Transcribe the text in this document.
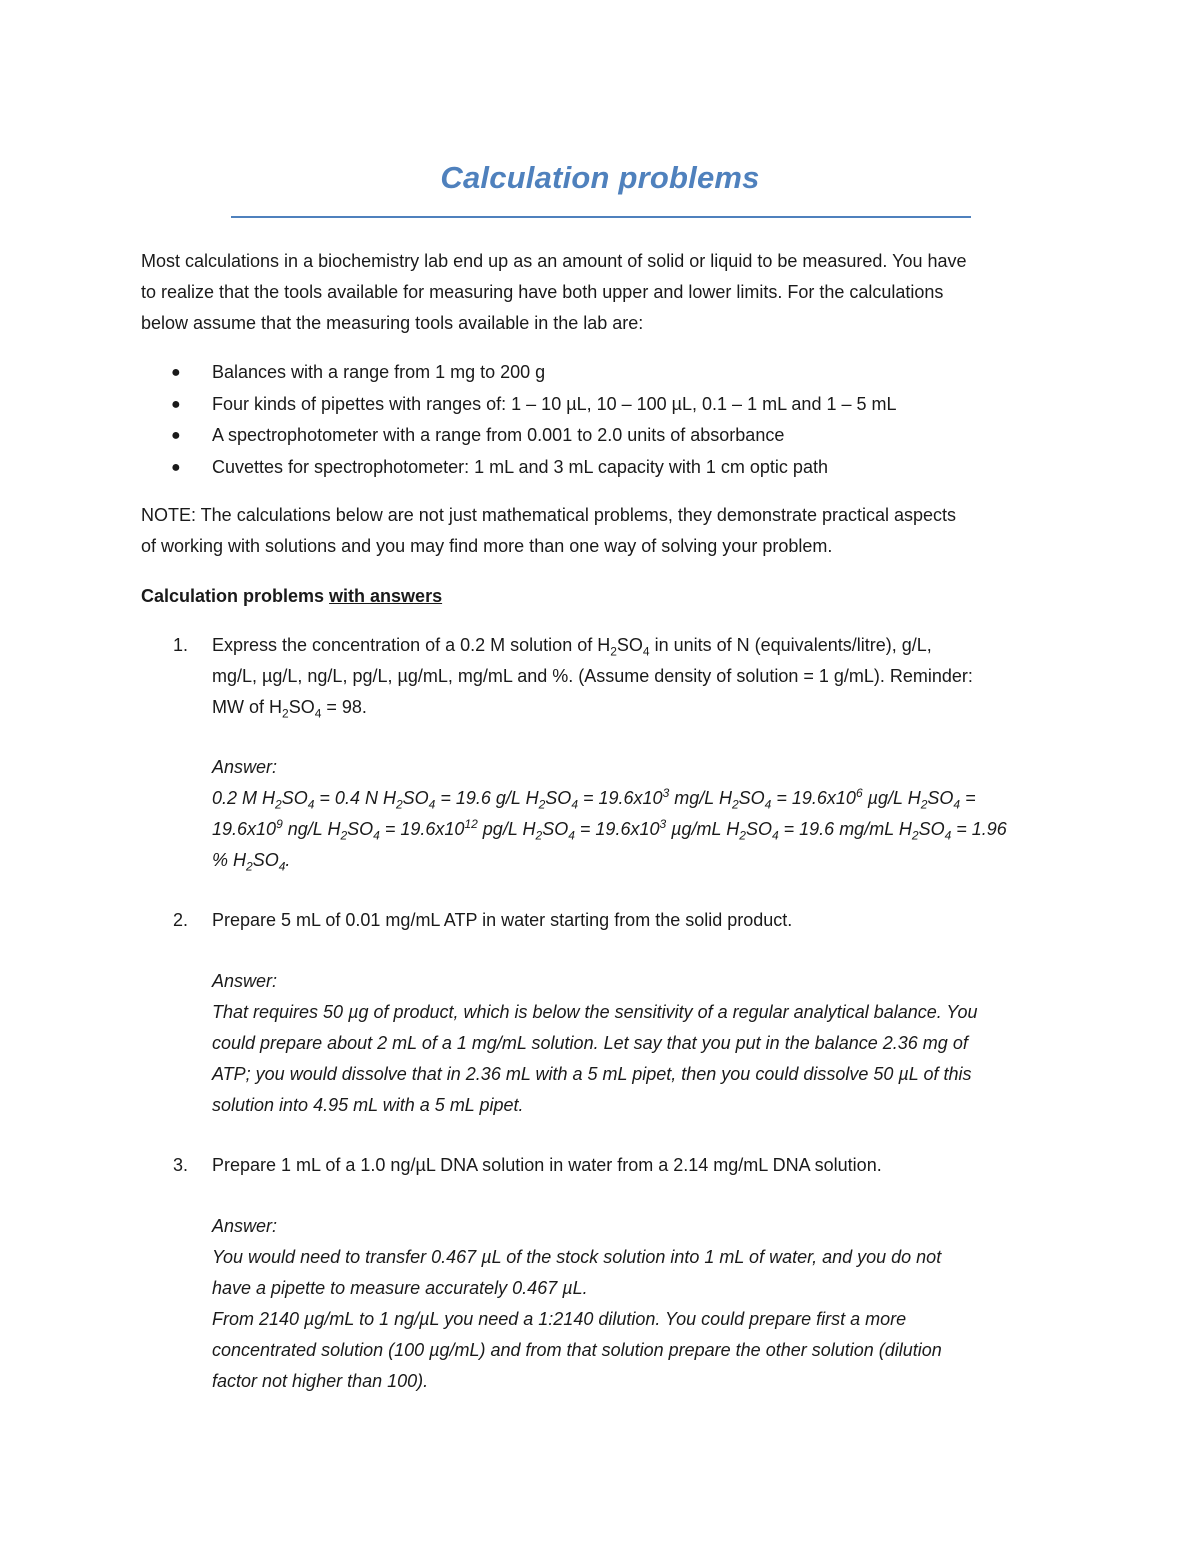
Calculation problems
Most calculations in a biochemistry lab end up as an amount of solid or liquid to be measured. You have
to realize that the tools available for measuring have both upper and lower limits. For the calculations
below assume that the measuring tools available in the lab are:
● Balances with a range from 1 mg to 200 g
● Four kinds of pipettes with ranges of: 1 – 10 µL, 10 – 100 µL, 0.1 – 1 mL and 1 – 5 mL
● A spectrophotometer with a range from 0.001 to 2.0 units of absorbance
● Cuvettes for spectrophotometer: 1 mL and 3 mL capacity with 1 cm optic path
NOTE: The calculations below are not just mathematical problems, they demonstrate practical aspects
of working with solutions and you may find more than one way of solving your problem.
Calculation problems with answers
1. Express the concentration of a 0.2 M solution of $H_2SO_4$ in units of N (equivalents/litre), g/L,
mg/L, µg/L, ng/L, pg/L, µg/mL, mg/mL and %. (Assume density of solution = 1 g/mL). Reminder:
MW of $H_2SO_4 = 98$.
Answer:
0.2 M $H_2SO_4 = 0.4$ N $H_2SO_4 = 19.6$ g/L $H_2SO_4 = 19.6x10^3$ mg/L $H_2SO_4 = 19.6x10^6$ µg/L $H_2SO_4$ =
$19.6x10^9$ ng/L $H_2SO_4 = 19.6x10^{12}$ pg/L $H_2SO_4 = 19.6x10^3$ µg/mL $H_2SO_4 = 19.6$ mg/mL $H_2SO_4 = 1.96$
% $H_2SO_4$.
2. Prepare 5 mL of 0.01 mg/mL ATP in water starting from the solid product.
Answer:
That requires 50 µg of product, which is below the sensitivity of a regular analytical balance. You
could prepare about 2 mL of a 1 mg/mL solution. Let say that you put in the balance 2.36 mg of
ATP; you would dissolve that in 2.36 mL with a 5 mL pipet, then you could dissolve 50 µL of this
solution into 4.95 mL with a 5 mL pipet.
3. Prepare 1 mL of a 1.0 ng/µL DNA solution in water from a 2.14 mg/mL DNA solution.
Answer:
You would need to transfer 0.467 µL of the stock solution into 1 mL of water, and you do not
have a pipette to measure accurately 0.467 µL.
From 2140 µg/mL to 1 ng/µL you need a 1:2140 dilution. You could prepare first a more
concentrated solution (100 µg/mL) and from that solution prepare the other solution (dilution
factor not higher than 100).
